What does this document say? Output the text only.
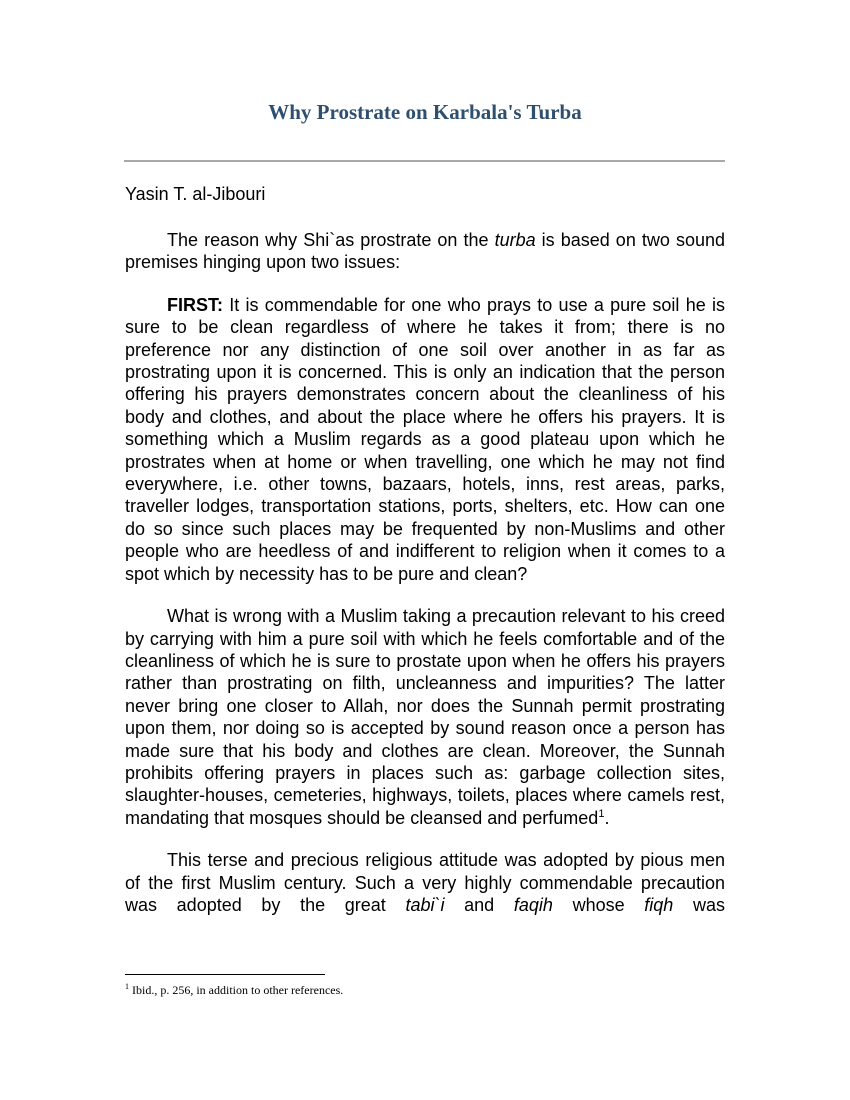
Why Prostrate on Karbala's Turba
Yasin T. al-Jibouri

The reason why Shi`as prostrate on the turba is based on two sound premises hinging upon two issues:

FIRST: It is commendable for one who prays to use a pure soil he is sure to be clean regardless of where he takes it from; there is no preference nor any distinction of one soil over another in as far as prostrating upon it is concerned. This is only an indication that the person offering his prayers demonstrates concern about the cleanliness of his body and clothes, and about the place where he offers his prayers. It is something which a Muslim regards as a good plateau upon which he prostrates when at home or when travelling, one which he may not find everywhere, i.e. other towns, bazaars, hotels, inns, rest areas, parks, traveller lodges, transportation stations, ports, shelters, etc. How can one do so since such places may be frequented by non-Muslims and other people who are heedless of and indifferent to religion when it comes to a spot which by necessity has to be pure and clean?

What is wrong with a Muslim taking a precaution relevant to his creed by carrying with him a pure soil with which he feels comfortable and of the cleanliness of which he is sure to prostate upon when he offers his prayers rather than prostrating on filth, uncleanness and impurities? The latter never bring one closer to Allah, nor does the Sunnah permit prostrating upon them, nor doing so is accepted by sound reason once a person has made sure that his body and clothes are clean. Moreover, the Sunnah prohibits offering prayers in places such as: garbage collection sites, slaughter-houses, cemeteries, highways, toilets, places where camels rest, mandating that mosques should be cleansed and perfumed$^1$.

This terse and precious religious attitude was adopted by pious men of the first Muslim century. Such a very highly commendable precaution was adopted by the great tabi`i and faqih whose fiqh was

$^1$ Ibid., p. 256, in addition to other references.
